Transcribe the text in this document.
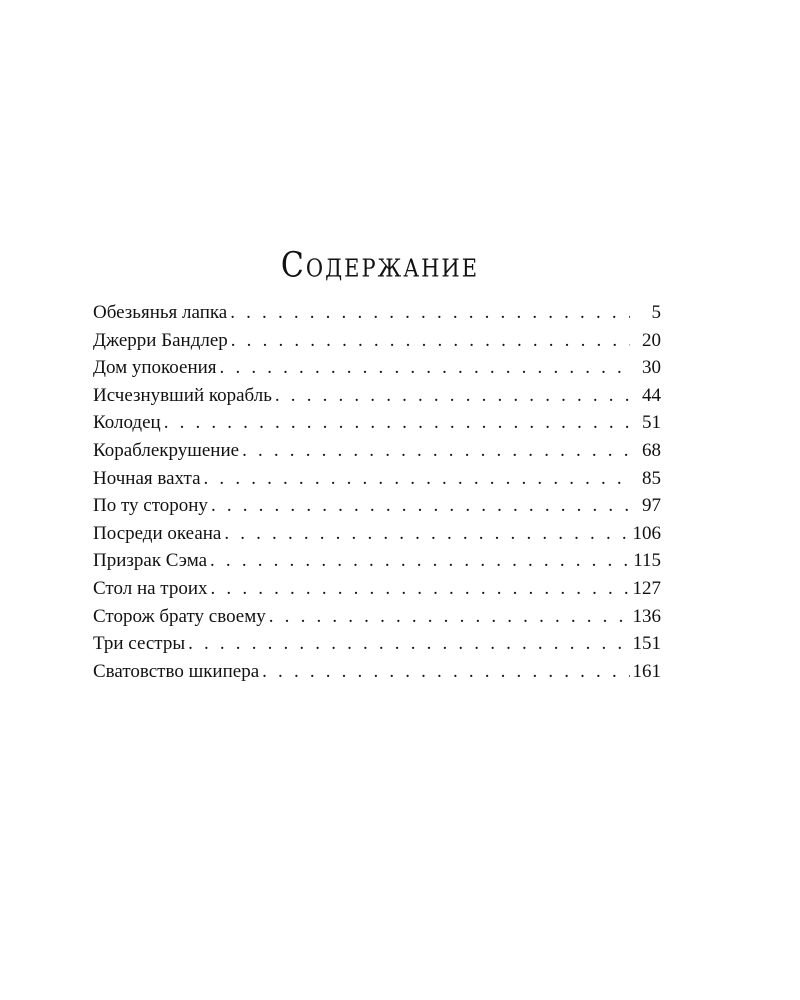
Содержание
Обезьянья лапка . . .	5
Джерри Бандлер . . .	20
Дом упокоения . . .	30
Исчезнувший корабль . . .	44
Колодец . . .	51
Кораблекрушение . . .	68
Ночная вахта . . .	85
По ту сторону . . .	97
Посреди океана . . .	106
Призрак Сэма . . .	115
Стол на троих . . .	127
Сторож брату своему . . .	136
Три сестры . . .	151
Сватовство шкипера . . .	161
